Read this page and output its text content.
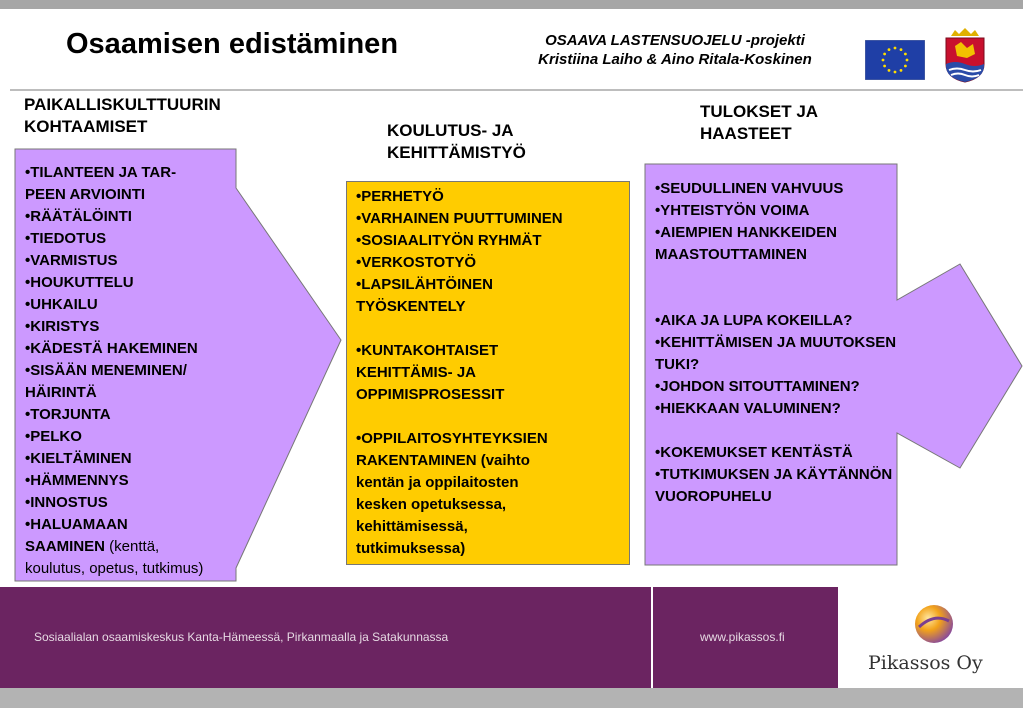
Osaamisen edistäminen	OSAAVA LASTENSUOJELU -projekti
Kristiina Laiho & Aino Ritala-Koskinen
PAIKALLISKULTTUURIN
KOHTAAMISET
•TILANTEEN JA TAR-
PEEN ARVIOINTI
•RÄÄTÄLÖINTI
•TIEDOTUS
•VARMISTUS
•HOUKUTTELU
•UHKAILU
•KIRISTYS
•KÄDESTÄ HAKEMINEN
•SISÄÄN MENEMINEN/
HÄIRINTÄ
•TORJUNTA
•PELKO
•KIELTÄMINEN
•HÄMMENNYS
•INNOSTUS
•HALUAMAAN
SAAMINEN (kenttä,
koulutus, opetus, tutkimus)
KOULUTUS- JA
KEHITTÄMISTYÖ
•PERHETYÖ
•VARHAINEN PUUTTUMINEN
•SOSIAALITYÖN RYHMÄT
•VERKOSTOTYÖ
•LAPSILÄHTÖINEN
TYÖSKENTELY
•KUNTAKOHTAISET
KEHITTÄMIS- JA
OPPIMISPROSESSIT
•OPPILAITOSYHTEYKSIEN
RAKENTAMINEN (vaihto
kentän ja oppilaitosten
kesken opetuksessa,
kehittämisessä,
tutkimuksessa)
TULOKSET JA
HAASTEET
•SEUDULLINEN VAHVUUS
•YHTEISTYÖN VOIMA
•AIEMPIEN HANKKEIDEN
MAASTOUTTAMINEN
•AIKA JA LUPA KOKEILLA?
•KEHITTÄMISEN JA MUUTOKSEN
TUKI?
•JOHDON SITOUTTAMINEN?
•HIEKKAAN VALUMINEN?
•KOKEMUKSET KENTÄSTÄ
•TUTKIMUKSEN JA KÄYTÄNNÖN
VUOROPUHELU
Sosiaalialan osaamiskeskus Kanta-Hämeessä, Pirkanmaalla ja Satakunnassa	www.pikassos.fi
Pikassos Oy
